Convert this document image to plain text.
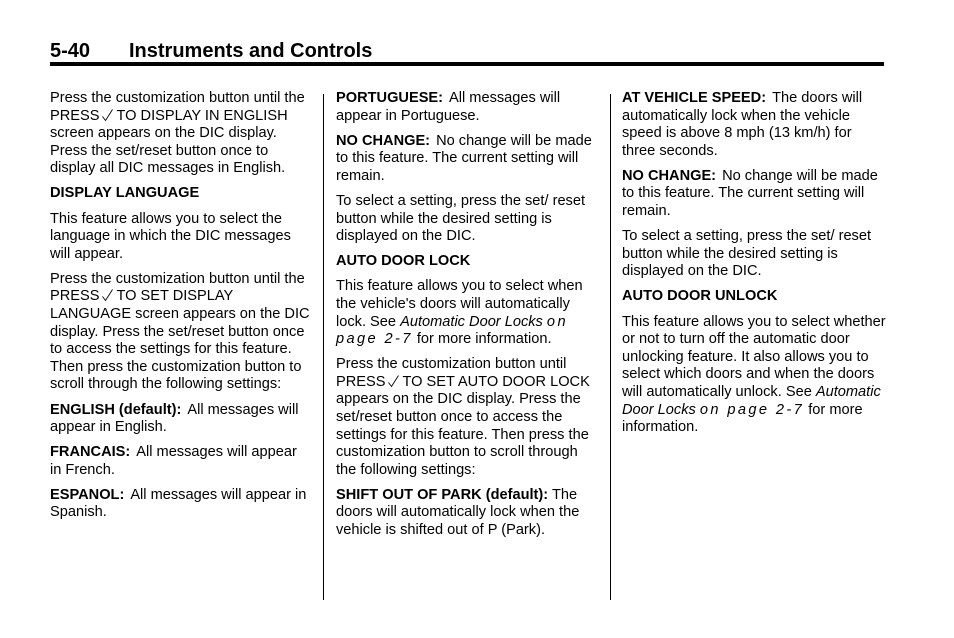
5-40 Instruments and Controls

Press the customization button until the PRESS TO DISPLAY IN ENGLISH screen appears on the DIC display. Press the set/reset button once to display all DIC messages in English.

DISPLAY LANGUAGE

This feature allows you to select the language in which the DIC messages will appear.

Press the customization button until the PRESS TO SET DISPLAY LANGUAGE screen appears on the DIC display. Press the set/reset button once to access the settings for this feature. Then press the customization button to scroll through the following settings:

ENGLISH (default): All messages will appear in English.

FRANCAIS: All messages will appear in French.

ESPANOL: All messages will appear in Spanish.

PORTUGUESE: All messages will appear in Portuguese.

NO CHANGE: No change will be made to this feature. The current setting will remain.

To select a setting, press the set/ reset button while the desired setting is displayed on the DIC.

AUTO DOOR LOCK

This feature allows you to select when the vehicle's doors will automatically lock. See Automatic Door Locks on page 2-7 for more information.

Press the customization button until PRESS TO SET AUTO DOOR LOCK appears on the DIC display. Press the set/reset button once to access the settings for this feature. Then press the customization button to scroll through the following settings:

SHIFT OUT OF PARK (default): The doors will automatically lock when the vehicle is shifted out of P (Park).

AT VEHICLE SPEED: The doors will automatically lock when the vehicle speed is above 8 mph (13 km/h) for three seconds.

NO CHANGE: No change will be made to this feature. The current setting will remain.

To select a setting, press the set/ reset button while the desired setting is displayed on the DIC.

AUTO DOOR UNLOCK

This feature allows you to select whether or not to turn off the automatic door unlocking feature. It also allows you to select which doors and when the doors will automatically unlock. See Automatic Door Locks on page 2-7 for more information.
